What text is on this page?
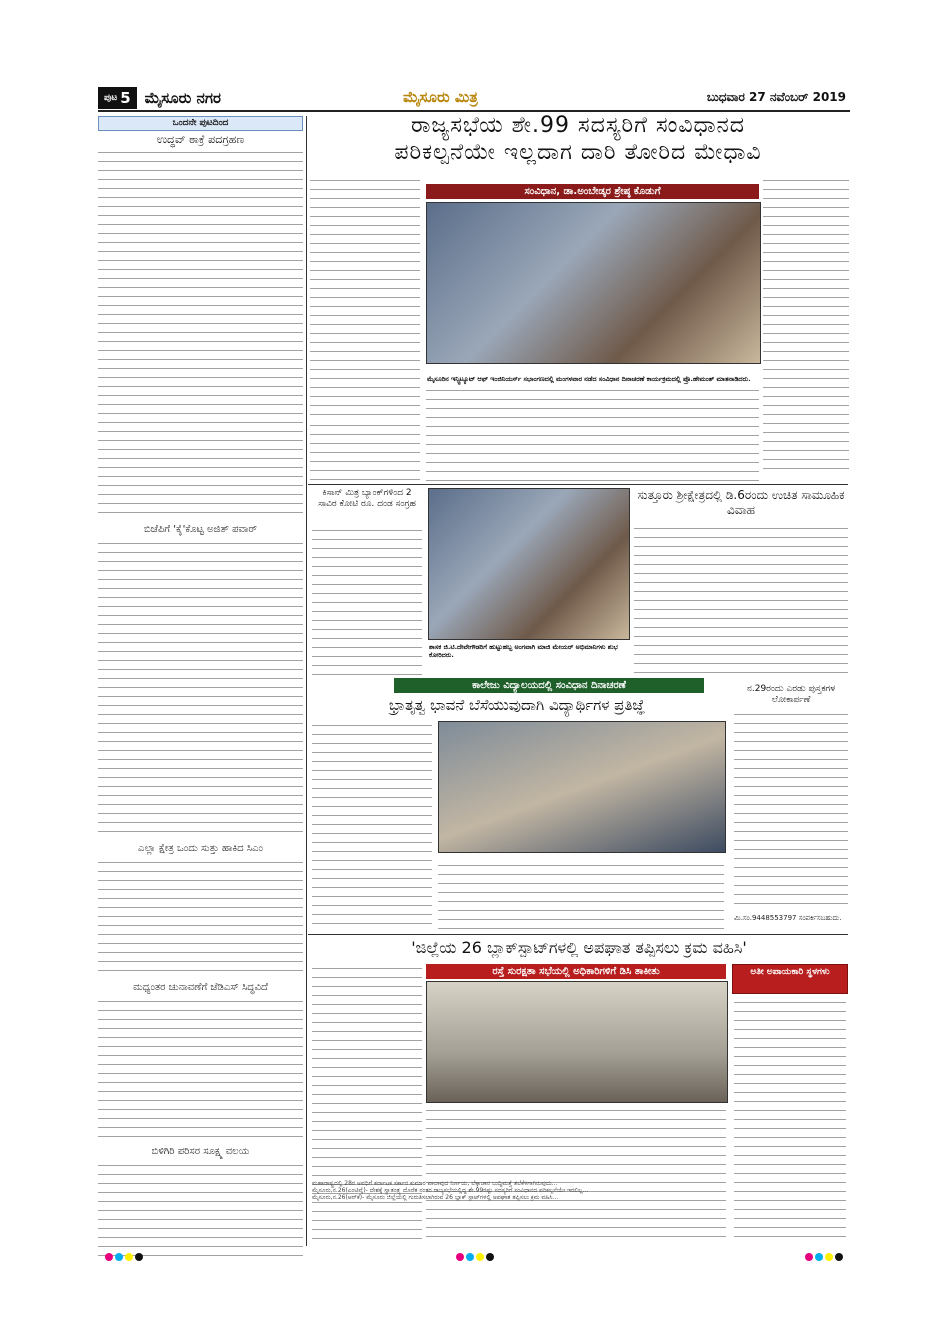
ಪುಟ 5 ಮೈಸೂರು ನಗರ	ಮೈಸೂರು ಮಿತ್ರ	ಬುಧವಾರ 27 ನವೆಂಬರ್ 2019
ಒಂದನೇ ಪುಟದಿಂದ
ಉದ್ಧವ್ ಠಾಕ್ರೆ ಪದಗ್ರಹಣ
ಬಿಜೆಪಿಗೆ 'ಕೈ'ಕೊಟ್ಟ ಅಜಿತ್ ಪವಾರ್
ಎಲ್ಲಾ ಕ್ಷೇತ್ರ ಒಂದು ಸುತ್ತು ಹಾಕಿದ ಸಿಎಂ
ಮಧ್ಯಂತರ ಚುನಾವಣೆಗೆ ಜೆಡಿಎಸ್ ಸಿದ್ಧವಿದೆ
ಬಿಳಿಗಿರಿ ಪರಿಸರ ಸೂಕ್ಷ್ಮ ವಲಯ
ರಾಜ್ಯಸಭೆಯ ಶೇ.99 ಸದಸ್ಯರಿಗೆ ಸಂವಿಧಾನದ
ಪರಿಕಲ್ಪನೆಯೇ ಇಲ್ಲದಾಗ ದಾರಿ ತೋರಿದ ಮೇಧಾವಿ
ಸಂವಿಧಾನ, ಡಾ.ಅಂಬೇಡ್ಕರ ಶ್ರೇಷ್ಠ ಕೊಡುಗೆ
ಮೈಸೂರಿನ ಇನ್ಸ್ಟಿಟ್ಯೂಟ್ ಆಫ್ ಇಂಜಿನಿಯರ್ಸ್ ಸಭಾಂಗಣದಲ್ಲಿ ಮಂಗಳವಾರ ನಡೆದ ಸಂವಿಧಾನ ದಿನಾಚರಣೆ ಕಾರ್ಯಕ್ರಮದಲ್ಲಿ ಪ್ರೊ.ಹೇಮಂತ್ ಮಾತನಾಡಿದರು.
ಕಿಸಾನ್ ಮಿತ್ರ ಬ್ಯಾಂಕ್‌ಗಳಿಂದ 2 ಸಾವಿರ ಕೋಟಿ ರೂ. ದಂಡ ಸಂಗ್ರಹ
ಶಾಸಕ ಜಿ.ಟಿ.ದೇವೇಗೌಡರಿಗೆ ಹುಟ್ಟುಹಬ್ಬ ಅಂಗವಾಗಿ ಮಾಜಿ ಮೇಯರ್ ಅಭಿಮಾನಿಗಳು ಶುಭ ಕೋರಿದರು.
ಸುತ್ತೂರು ಶ್ರೀಕ್ಷೇತ್ರದಲ್ಲಿ ಡಿ.6ರಂದು ಉಚಿತ ಸಾಮೂಹಿಕ ವಿವಾಹ
ಕಾಲೇಜು ವಿದ್ಯಾಲಯದಲ್ಲಿ ಸಂವಿಧಾನ ದಿನಾಚರಣೆ
ಭ್ರಾತೃತ್ವ ಭಾವನೆ ಬೆಸೆಯುವುದಾಗಿ ವಿದ್ಯಾರ್ಥಿಗಳ ಪ್ರತಿಜ್ಞೆ
ನ.29ರಂದು ಎರಡು ಪುಸ್ತಕಗಳ ಲೋಕಾರ್ಪಣೆ
ಮಿ.ಸಂ.9448553797 ಸಂಪರ್ಕಿಸಬಹುದು.
'ಜಿಲ್ಲೆಯ 26 ಬ್ಲಾಕ್‌ಸ್ಪಾಟ್‌ಗಳಲ್ಲಿ ಅಪಘಾತ ತಪ್ಪಿಸಲು ಕ್ರಮ ವಹಿಸಿ'
ರಸ್ತೆ ಸುರಕ್ಷತಾ ಸಭೆಯಲ್ಲಿ ಅಧಿಕಾರಿಗಳಿಗೆ ಡಿಸಿ ತಾಕೀತು	ಅತೀ ಅಪಾಯಕಾರಿ ಸ್ಥಳಗಳು
ಮಹಾರಾಷ್ಟ್ರದಲ್ಲಿ 28ರ ಅವಧಿಗೆ ಕರ್ನಾಟಕ ಸರ್ಕಾರ ಕುಮಾರ ಪಾಲಾವುದ ನಿರ್ಣಯ, ಲೆಕ್ಕಾಚಾರ ಬುದ್ಧಿಮತ್ತೆ ತಲೆಕೆಳಗಾಗಿರುವುದು...
ಮೈಸೂರು,ನ.26(ಎಂಟಿವೈ)- ದೇಶಕ್ಕೆ ಸ್ವಾತಂತ್ರ್ಯ ದೊರೆತ ನಂತರ ರಾಜ್ಯಸಭೆಯಲ್ಲಿದ್ದ ಶೇ.99ರಷ್ಟು ಸದಸ್ಯರಿಗೆ ಸಂವಿಧಾನದ ಪರಿಕಲ್ಪನೆಯೇ ಇರಲಿಲ್ಲ...
ಮೈಸೂರು,ನ.26(ಆರ್‌ಕೆ)- ಮೈಸೂರು ಜಿಲ್ಲೆಯಲ್ಲಿ ಗುರುತಿಸಲಾಗಿರುವ 26 ಬ್ಲಾಕ್ ಸ್ಪಾಟ್‌ಗಳಲ್ಲಿ ಅಪಘಾತ ತಪ್ಪಿಸಲು ಕ್ರಮ ವಹಿಸಿ...
